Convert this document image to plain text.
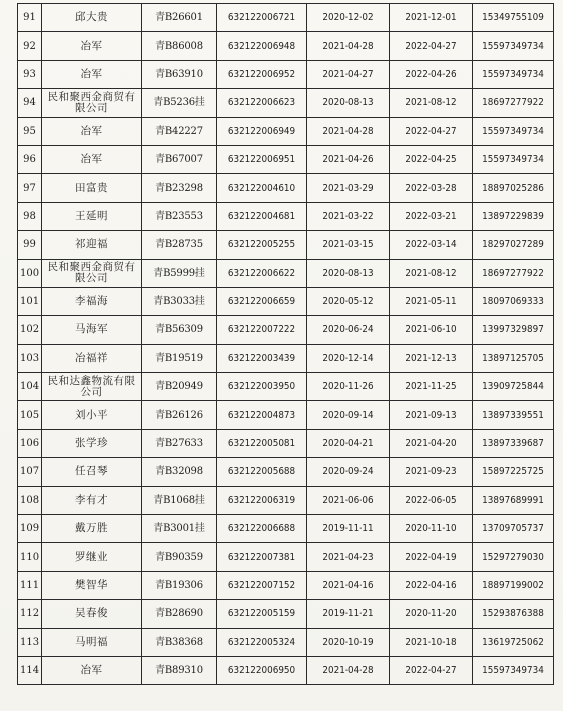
91	邱大贵	青B26601	632122006721	2020-12-02	2021-12-01	15349755109
92	冶军	青B86008	632122006948	2021-04-28	2022-04-27	15597349734
93	冶军	青B63910	632122006952	2021-04-27	2022-04-26	15597349734
94	民和聚西金商贸有限公司	青B5236挂	632122006623	2020-08-13	2021-08-12	18697277922
95	冶军	青B42227	632122006949	2021-04-28	2022-04-27	15597349734
96	冶军	青B67007	632122006951	2021-04-26	2022-04-25	15597349734
97	田富贵	青B23298	632122004610	2021-03-29	2022-03-28	18897025286
98	王延明	青B23553	632122004681	2021-03-22	2022-03-21	13897229839
99	祁迎福	青B28735	632122005255	2021-03-15	2022-03-14	18297027289
100	民和聚西金商贸有限公司	青B5999挂	632122006622	2020-08-13	2021-08-12	18697277922
101	李福海	青B3033挂	632122006659	2020-05-12	2021-05-11	18097069333
102	马海军	青B56309	632122007222	2020-06-24	2021-06-10	13997329897
103	冶福祥	青B19519	632122003439	2020-12-14	2021-12-13	13897125705
104	民和达鑫物流有限公司	青B20949	632122003950	2020-11-26	2021-11-25	13909725844
105	刘小平	青B26126	632122004873	2020-09-14	2021-09-13	13897339551
106	张学珍	青B27633	632122005081	2020-04-21	2021-04-20	13897339687
107	任召琴	青B32098	632122005688	2020-09-24	2021-09-23	15897225725
108	李有才	青B1068挂	632122006319	2021-06-06	2022-06-05	13897689991
109	戴万胜	青B3001挂	632122006688	2019-11-11	2020-11-10	13709705737
110	罗继业	青B90359	632122007381	2021-04-23	2022-04-19	15297279030
111	樊智华	青B19306	632122007152	2021-04-16	2022-04-16	18897199002
112	吴春俊	青B28690	632122005159	2019-11-21	2020-11-20	15293876388
113	马明福	青B38368	632122005324	2020-10-19	2021-10-18	13619725062
114	冶军	青B89310	632122006950	2021-04-28	2022-04-27	15597349734
